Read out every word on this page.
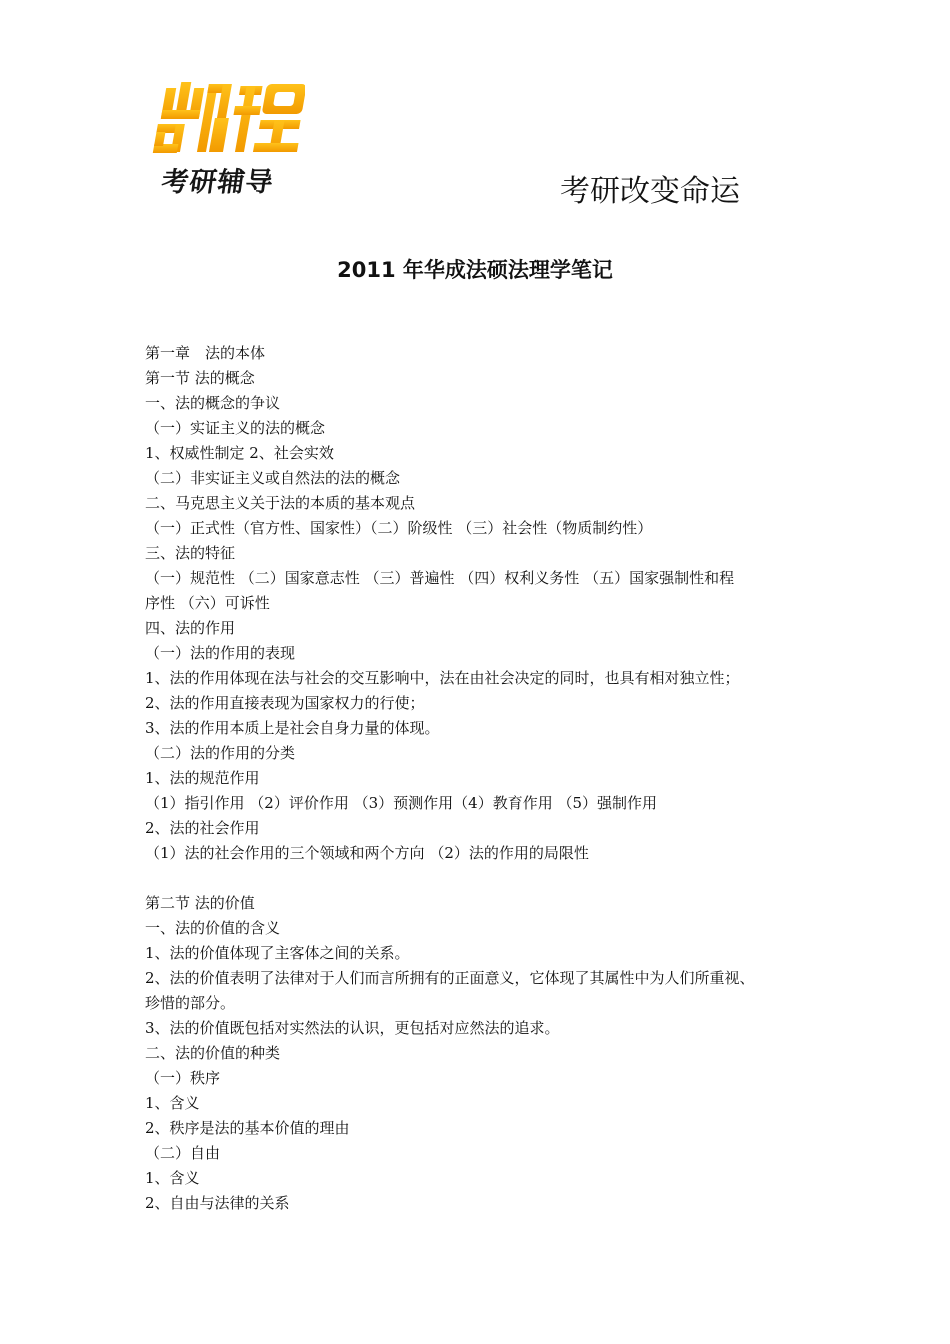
考研辅导	考研改变命运
2011 年华成法硕法理学笔记
第一章　法的本体
第一节 法的概念
一、法的概念的争议
（一）实证主义的法的概念
1、权威性制定 2、社会实效
（二）非实证主义或自然法的法的概念
二、马克思主义关于法的本质的基本观点
（一）正式性（官方性、国家性）（二）阶级性 （三）社会性（物质制约性）
三、法的特征
（一）规范性 （二）国家意志性 （三）普遍性 （四）权利义务性 （五）国家强制性和程
序性 （六）可诉性
四、法的作用
（一）法的作用的表现
1、法的作用体现在法与社会的交互影响中，法在由社会决定的同时，也具有相对独立性；
2、法的作用直接表现为国家权力的行使；
3、法的作用本质上是社会自身力量的体现。
（二）法的作用的分类
1、法的规范作用
（1）指引作用 （2）评价作用 （3）预测作用（4）教育作用 （5）强制作用
2、法的社会作用
（1）法的社会作用的三个领域和两个方向 （2）法的作用的局限性
第二节 法的价值
一、法的价值的含义
1、法的价值体现了主客体之间的关系。
2、法的价值表明了法律对于人们而言所拥有的正面意义，它体现了其属性中为人们所重视、
珍惜的部分。
3、法的价值既包括对实然法的认识，更包括对应然法的追求。
二、法的价值的种类
（一）秩序
1、含义
2、秩序是法的基本价值的理由
（二）自由
1、含义
2、自由与法律的关系
